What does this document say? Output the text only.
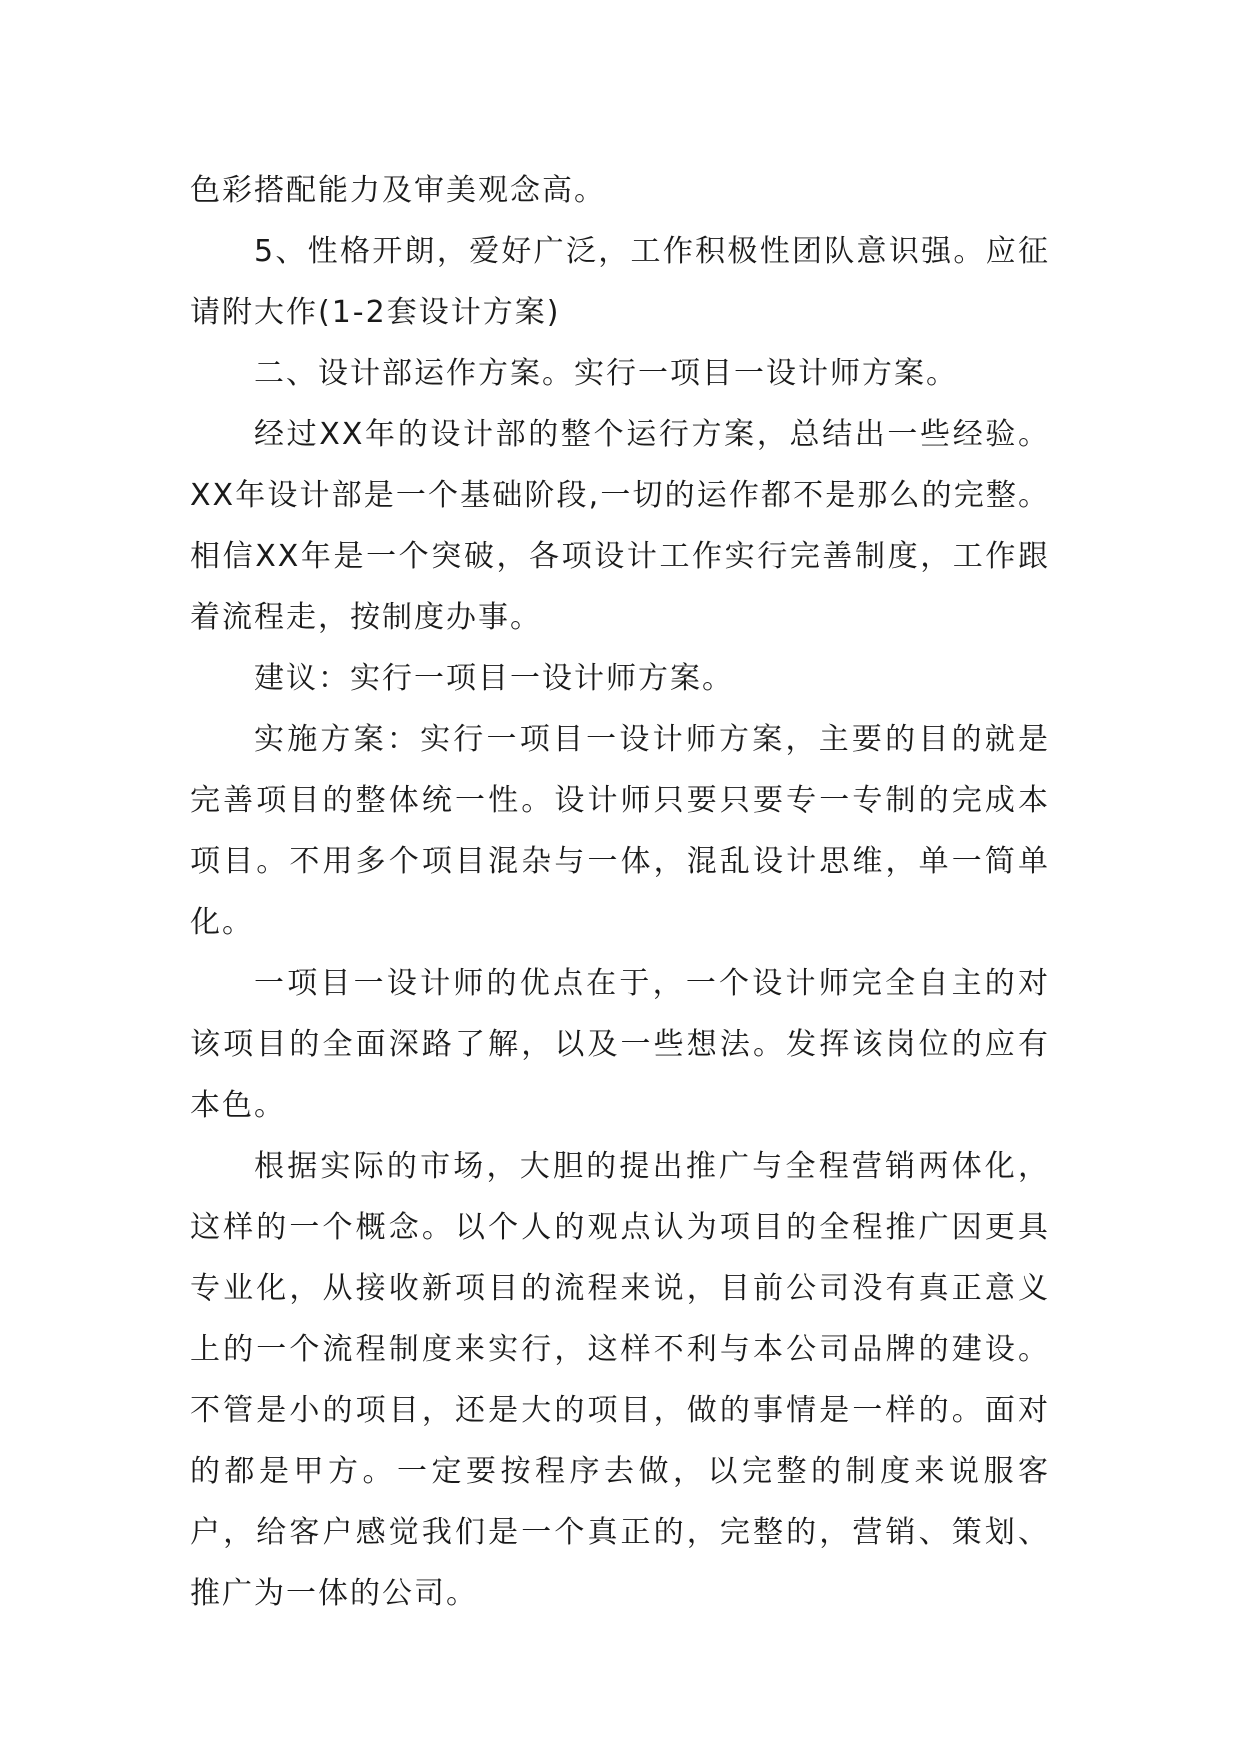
色彩搭配能力及审美观念高。

5、性格开朗，爱好广泛，工作积极性团队意识强。应征请附大作(1-2套设计方案)

二、设计部运作方案。实行一项目一设计师方案。

经过XX年的设计部的整个运行方案，总结出一些经验。XX年设计部是一个基础阶段,一切的运作都不是那么的完整。相信XX年是一个突破，各项设计工作实行完善制度，工作跟着流程走，按制度办事。

建议：实行一项目一设计师方案。

实施方案：实行一项目一设计师方案，主要的目的就是完善项目的整体统一性。设计师只要只要专一专制的完成本项目。不用多个项目混杂与一体，混乱设计思维，单一简单化。

一项目一设计师的优点在于，一个设计师完全自主的对该项目的全面深路了解，以及一些想法。发挥该岗位的应有本色。

根据实际的市场，大胆的提出推广与全程营销两体化，这样的一个概念。以个人的观点认为项目的全程推广因更具专业化，从接收新项目的流程来说，目前公司没有真正意义上的一个流程制度来实行，这样不利与本公司品牌的建设。不管是小的项目，还是大的项目，做的事情是一样的。面对的都是甲方。一定要按程序去做，以完整的制度来说服客户，给客户感觉我们是一个真正的，完整的，营销、策划、推广为一体的公司。
